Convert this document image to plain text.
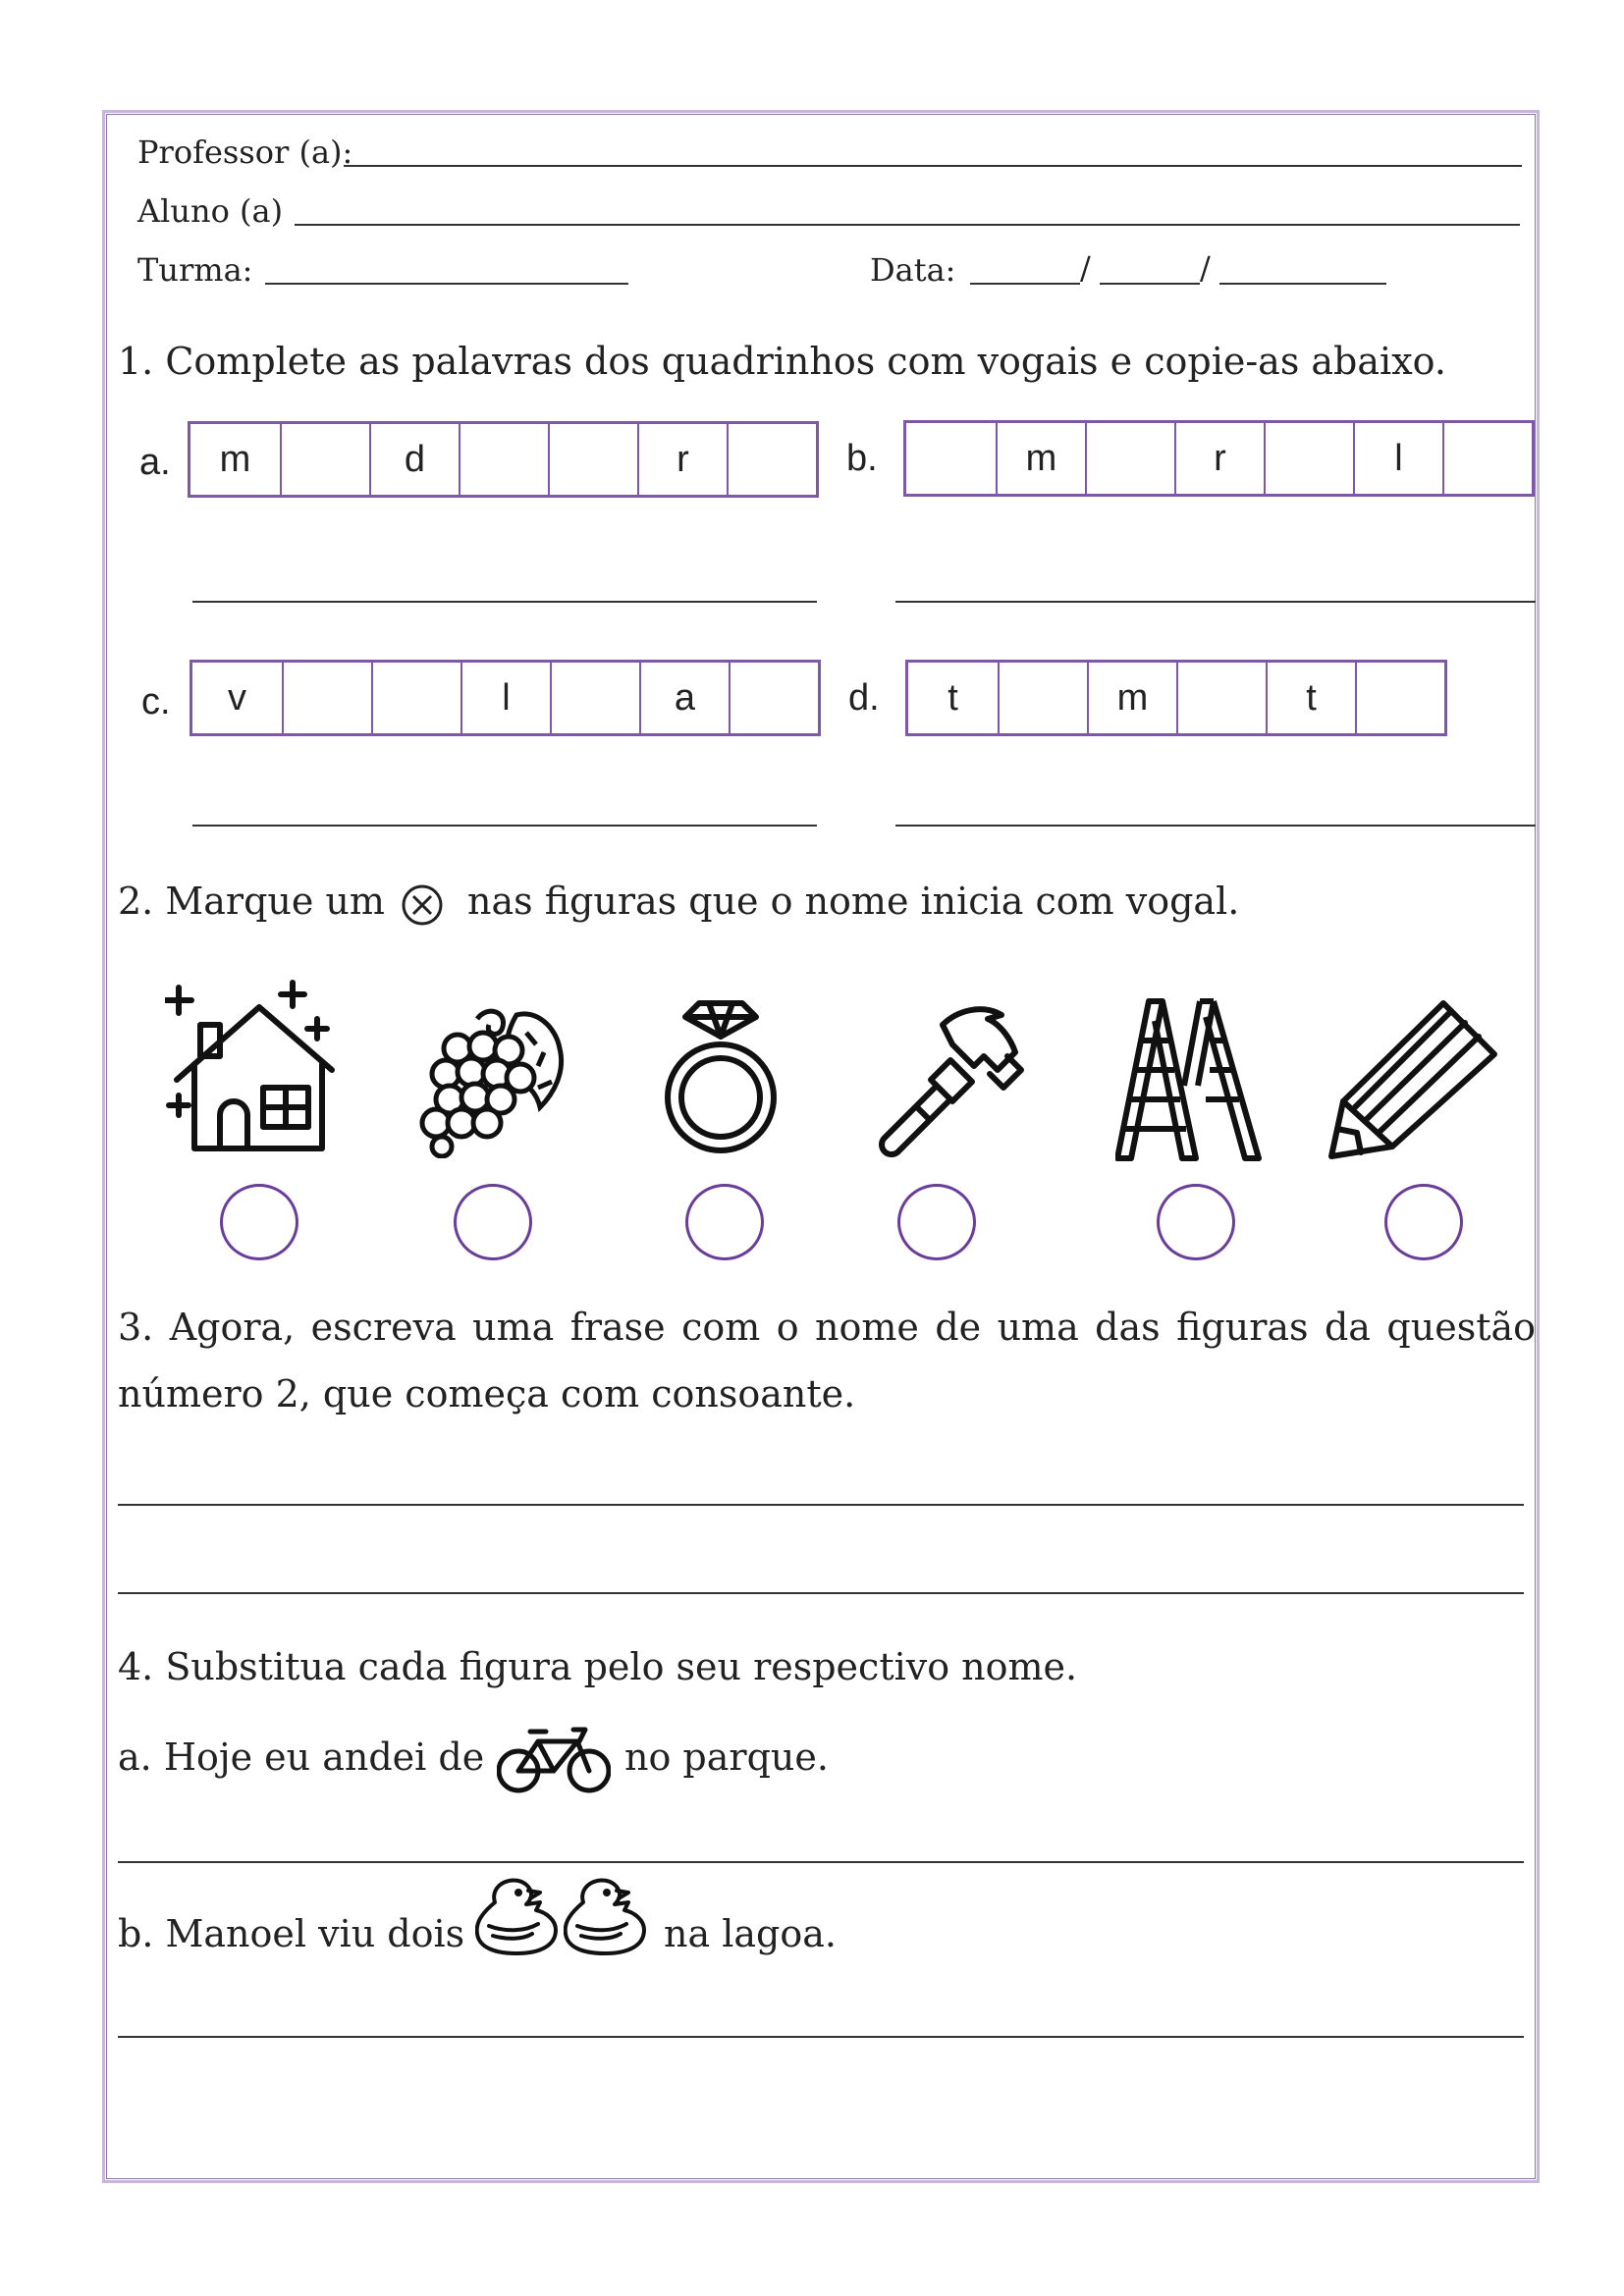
Professor (a):
Aluno (a)
Turma:	Data:	/	/
1. Complete as palavras dos quadrinhos com vogais e copie-as abaixo.
a.	m	d	r	b.	m	r	l
c.	v	l	a	d.	t	m	t
2. Marque um nas figuras que o nome inicia com vogal.
3. Agora, escreva uma frase com o nome de uma das figuras da questão
número 2, que começa com consoante.
4. Substitua cada figura pelo seu respectivo nome.
a. Hoje eu andei de	no parque.
b. Manoel viu dois	na lagoa.
